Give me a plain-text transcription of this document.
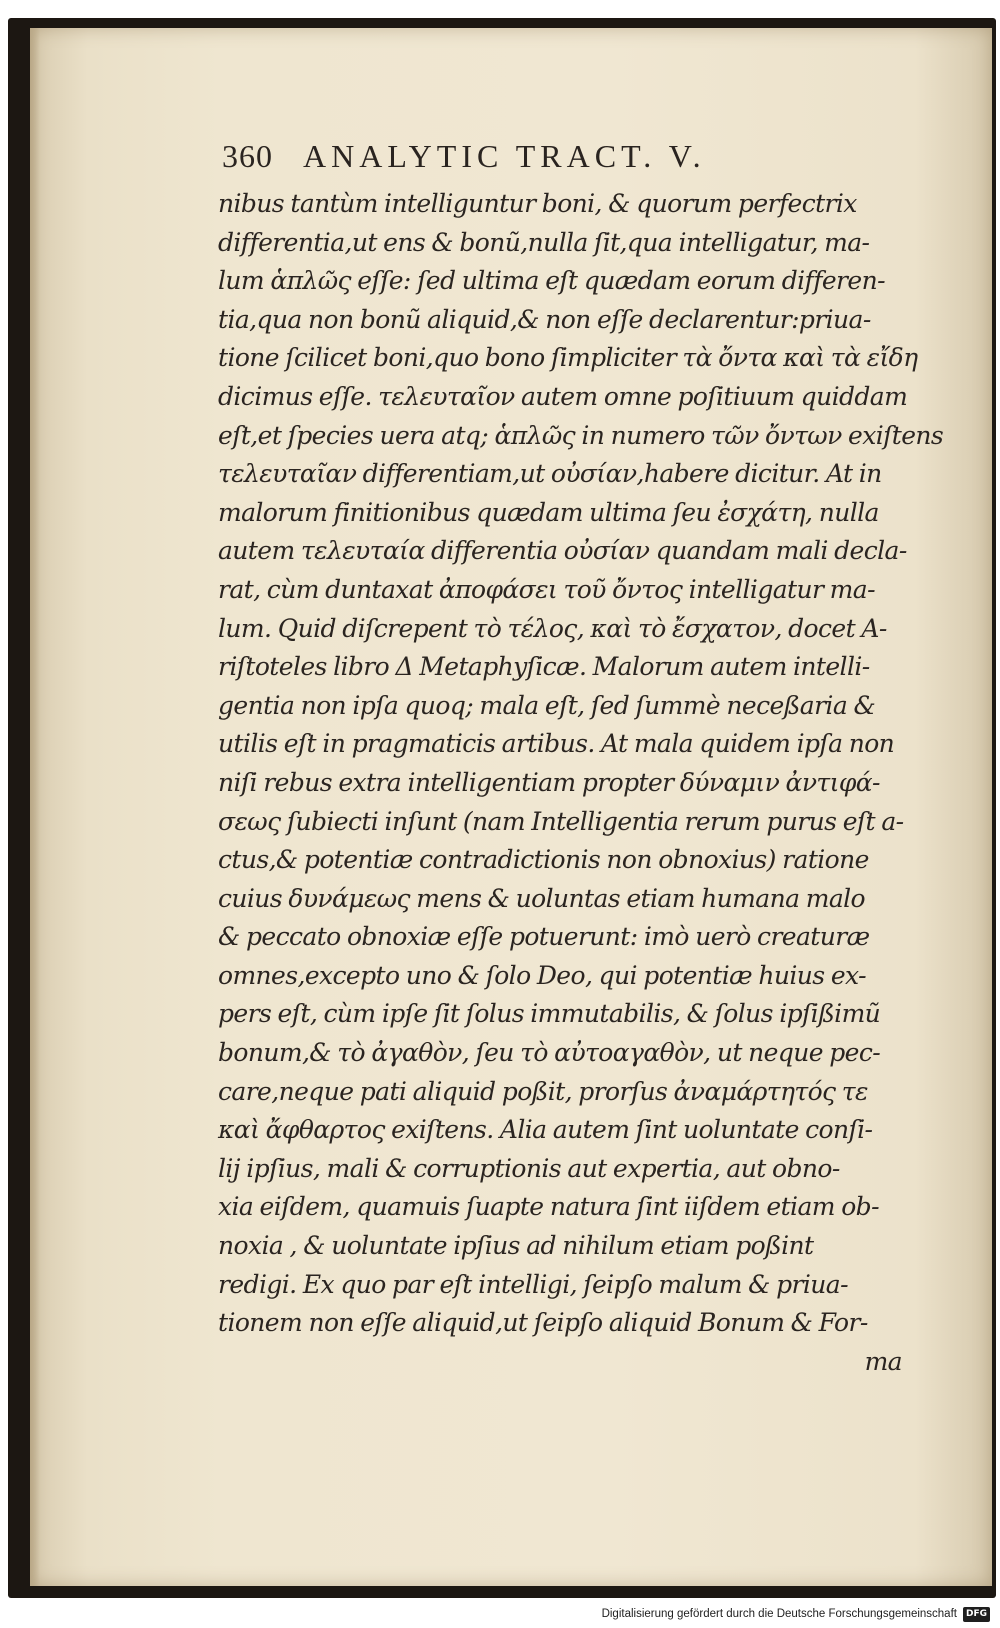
360 ANALYTIC TRACT. V.
nibus tantùm intelliguntur boni, & quorum perfectrix
differentia,ut ens & bonũ,nulla ſit,qua intelligatur, ma-
lum ἁπλῶς eſſe: ſed ultima eſt quædam eorum differen-
tia,qua non bonũ aliquid,& non eſſe declarentur:priua-
tione ſcilicet boni,quo bono ſimpliciter τὰ ὄντα καὶ τὰ εἴδη
dicimus eſſe. τελευταῖον autem omne poſitiuum quiddam
eſt,et ſpecies uera atq; ἁπλῶς in numero τῶν ὄντων exiſtens
τελευταῖαν differentiam,ut οὐσίαν,habere dicitur. At in
malorum finitionibus quædam ultima ſeu ἐσχάτη, nulla
autem τελευταία differentia οὐσίαν quandam mali decla-
rat, cùm duntaxat ἀποφάσει τοῦ ὄντος intelligatur ma-
lum. Quid diſcrepent τὸ τέλος, καὶ τὸ ἔσχατον, docet A-
riſtoteles libro Δ Metaphyſicæ. Malorum autem intelli-
gentia non ipſa quoq; mala eſt, ſed ſummè neceßaria &
utilis eſt in pragmaticis artibus. At mala quidem ipſa non
niſi rebus extra intelligentiam propter δύναμιν ἀντιφά-
σεως ſubiecti inſunt (nam Intelligentia rerum purus eſt a-
ctus,& potentiæ contradictionis non obnoxius) ratione
cuius δυνάμεως mens & uoluntas etiam humana malo
& peccato obnoxiæ eſſe potuerunt: imò uerò creaturæ
omnes,excepto uno & ſolo Deo, qui potentiæ huius ex-
pers eſt, cùm ipſe ſit ſolus immutabilis, & ſolus ipſißimũ
bonum,& τὸ ἀγαθὸν, ſeu τὸ αὐτοαγαθὸν, ut neque pec-
care,neque pati aliquid poßit, prorſus ἀναμάρτητός τε
καὶ ἄφθαρτος exiſtens. Alia autem ſint uoluntate conſi-
lij ipſius, mali & corruptionis aut expertia, aut obno-
xia eiſdem, quamuis ſuapte natura ſint iiſdem etiam ob-
noxia , & uoluntate ipſius ad nihilum etiam poßint
redigi. Ex quo par eſt intelligi, ſeipſo malum & priua-
tionem non eſſe aliquid,ut ſeipſo aliquid Bonum & For-
ma
Digitalisierung gefördert durch die Deutsche Forschungsgemeinschaft	DFG
